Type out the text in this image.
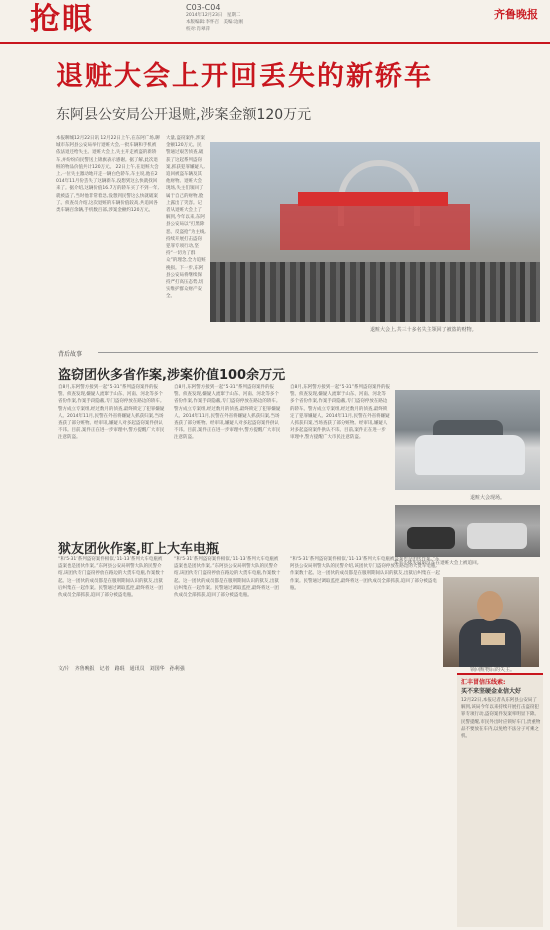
抢眼	C03-C04
2014年12月23日　星期二
本版编辑:李怀召　美编:边刚
校对:肖翠萍
齐鲁晚报
退赃大会上开回丢失的新轿车
东阿县公安局公开退赃,涉案金额120万元
本报聊城12月22日讯 12月22日上午,在东阿广场,聊城市东阿县公安局举行退赃大会,一批车辆和手机被依法退还给失主。退赃大会上,失主开走被盗的新轿车,并纷纷向民警送上锦旗表示感谢。据了解,此次退赃的物品价值共计120万元。 22日上午,在退赃大会上,一位失主激动地开走一辆白色轿车,车主说,他在2014年11月份丢失了这辆新车,没想到这么快就找回来了。据介绍,这辆价值16.7万的轿车买了不到一年,就被盗了,当时他非常着急,没想到民警这么快就破案了。侦查员介绍,这次退赃的车辆价值较高,共追回各类车辆百余辆,手机数百部,涉案金额约120万元。
大量,盗窃案件,涉案金额120万元。民警通过艰苦侦查,破获了这起系列盗窃案,抓获犯罪嫌疑人,追回被盗车辆及其他财物。退赃大会现场,失主们领回了属于自己的财物,脸上露出了笑容。记者从退赃大会上了解到,今年以来,东阿县公安局以“打黑除恶、反盗抢”为主线,持续开展打击盗窃犯罪专项行动,坚持“一切为了群众”的理念,全力追赃挽损。下一步,东阿县公安局将继续保持严打高压态势,切实维护群众财产安全。
退赃大会上,共三十多名失主领回了被盗的财物。
背后故事
盗窃团伙多省作案,涉案价值100余万元
自8月,东阿警方接到一起“5·31”系列盗窃案件的报警。侦查发现,嫌疑人流窜于山东、河南、河北等多个省份作案,作案手段隐蔽,专门盗窃停放在路边的轿车。警方成立专案组,经过数月的侦查,最终锁定了犯罪嫌疑人。2014年11月,民警在外省将嫌疑人抓获归案,当场查获了部分赃物。经审讯,嫌疑人对多起盗窃案件供认不讳。目前,案件正在进一步审理中,警方提醒广大市民注意防盗。
自8月,东阿警方接到一起“5·31”系列盗窃案件的报警。侦查发现,嫌疑人流窜于山东、河南、河北等多个省份作案,作案手段隐蔽,专门盗窃停放在路边的轿车。警方成立专案组,经过数月的侦查,最终锁定了犯罪嫌疑人。2014年11月,民警在外省将嫌疑人抓获归案,当场查获了部分赃物。经审讯,嫌疑人对多起盗窃案件供认不讳。目前,案件正在进一步审理中,警方提醒广大市民注意防盗。
自8月,东阿警方接到一起“5·31”系列盗窃案件的报警。侦查发现,嫌疑人流窜于山东、河南、河北等多个省份作案,作案手段隐蔽,专门盗窃停放在路边的轿车。警方成立专案组,经过数月的侦查,最终锁定了犯罪嫌疑人。2014年11月,民警在外省将嫌疑人抓获归案,当场查获了部分赃物。经审讯,嫌疑人对多起盗窃案件供认不讳。目前,案件正在进一步审理中,警方提醒广大市民注意防盗。
退赃大会现场。
狱友团伙作案,盯上大车电瓶
“和‘5·31’系列盗窃案件相似,‘11·13’系列大车电瓶被盗案也是团伙作案。”东阿县公安局刑警大队的民警介绍,该团伙专门盗窃停放在路边的大货车电瓶,作案数十起。这一团伙的成员都是在服刑期间认识的狱友,出狱后纠集在一起作案。民警通过调取监控,最终将这一团伙成员全部抓获,追回了部分被盗电瓶。
“和‘5·31’系列盗窃案件相似,‘11·13’系列大车电瓶被盗案也是团伙作案。”东阿县公安局刑警大队的民警介绍,该团伙专门盗窃停放在路边的大货车电瓶,作案数十起。这一团伙的成员都是在服刑期间认识的狱友,出狱后纠集在一起作案。民警通过调取监控,最终将这一团伙成员全部抓获,追回了部分被盗电瓶。
“和‘5·31’系列盗窃案件相似,‘11·13’系列大车电瓶被盗案也是团伙作案。”东阿县公安局刑警大队的民警介绍,该团伙专门盗窃停放在路边的大货车电瓶,作案数十起。这一团伙的成员都是在服刑期间认识的狱友,出狱后纠集在一起作案。民警通过调取监控,最终将这一团伙成员全部抓获,追回了部分被盗电瓶。
东平小伙失窃的汽车在退赃大会上被追回。
领回赃物后的失主。
文/片　齐鲁晚报　记者　路琨　通讯员　刘国华　孙利强
汇丰冒信压线索:
买不来坚硬金业信大好
12月22日,本报记者从东阿县公安局了解到,该局今年以来持续开展打击盗窃犯罪专项行动,盗窃案件发案率明显下降。民警提醒,市民外出时应锁好车门,贵重物品不要放在车内,以免给不法分子可乘之机。
